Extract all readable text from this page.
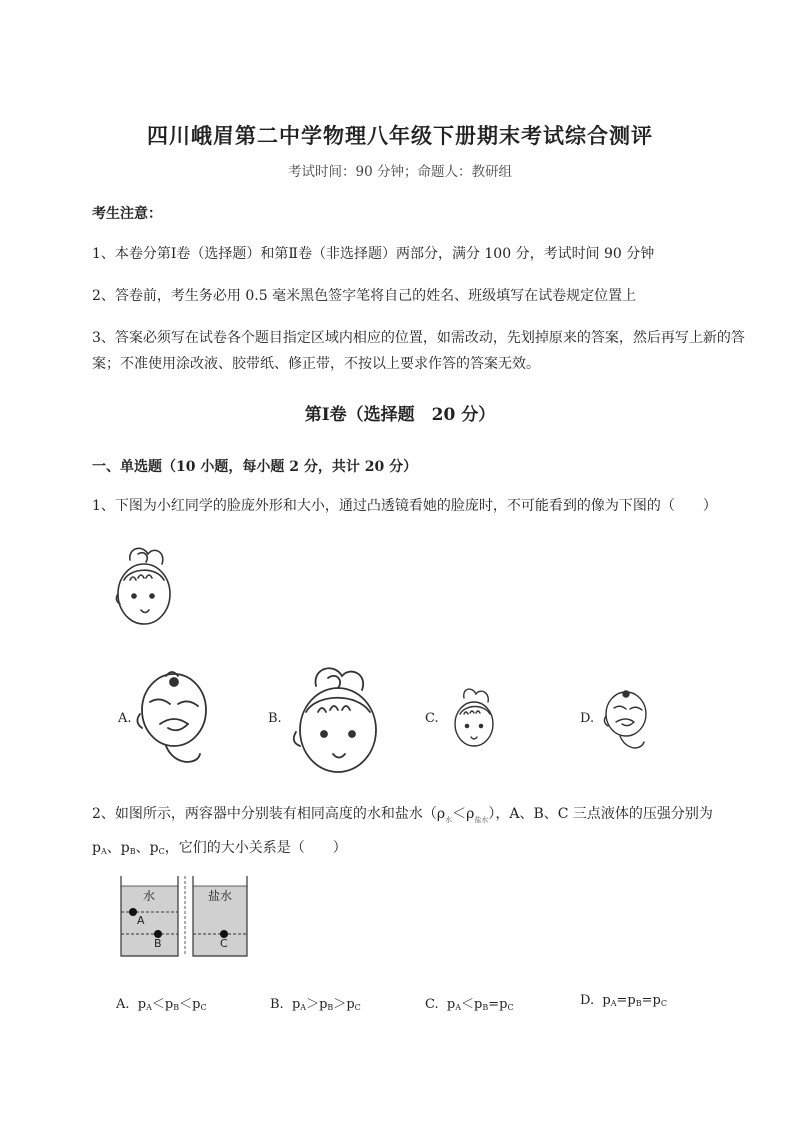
四川峨眉第二中学物理八年级下册期末考试综合测评
考试时间：90 分钟；命题人：教研组
考生注意：
1、本卷分第Ⅰ卷（选择题）和第Ⅱ卷（非选择题）两部分，满分 100 分，考试时间 90 分钟
2、答卷前，考生务必用 0.5 毫米黑色签字笔将自己的姓名、班级填写在试卷规定位置上
3、答案必须写在试卷各个题目指定区域内相应的位置，如需改动，先划掉原来的答案，然后再写上新的答案；不准使用涂改液、胶带纸、修正带，不按以上要求作答的答案无效。
第Ⅰ卷（选择题　20 分）
一、单选题（10 小题，每小题 2 分，共计 20 分）
1、下图为小红同学的脸庞外形和大小，通过凸透镜看她的脸庞时，不可能看到的像为下图的（　　）
A.	B.	C.	D.
2、如图所示，两容器中分别装有相同高度的水和盐水$(\rho_水<\rho_{盐水})$，A、B、C 三点液体的压强分别为
$p_A$、$p_B$、$p_C$，它们的大小关系是（　　）
水	盐水
A
B	C
A. $p_A<p_B<p_C$	B. $p_A>p_B>p_C$	C. $p_A<p_B=p_C$	D. $p_A=p_B=p_C$
